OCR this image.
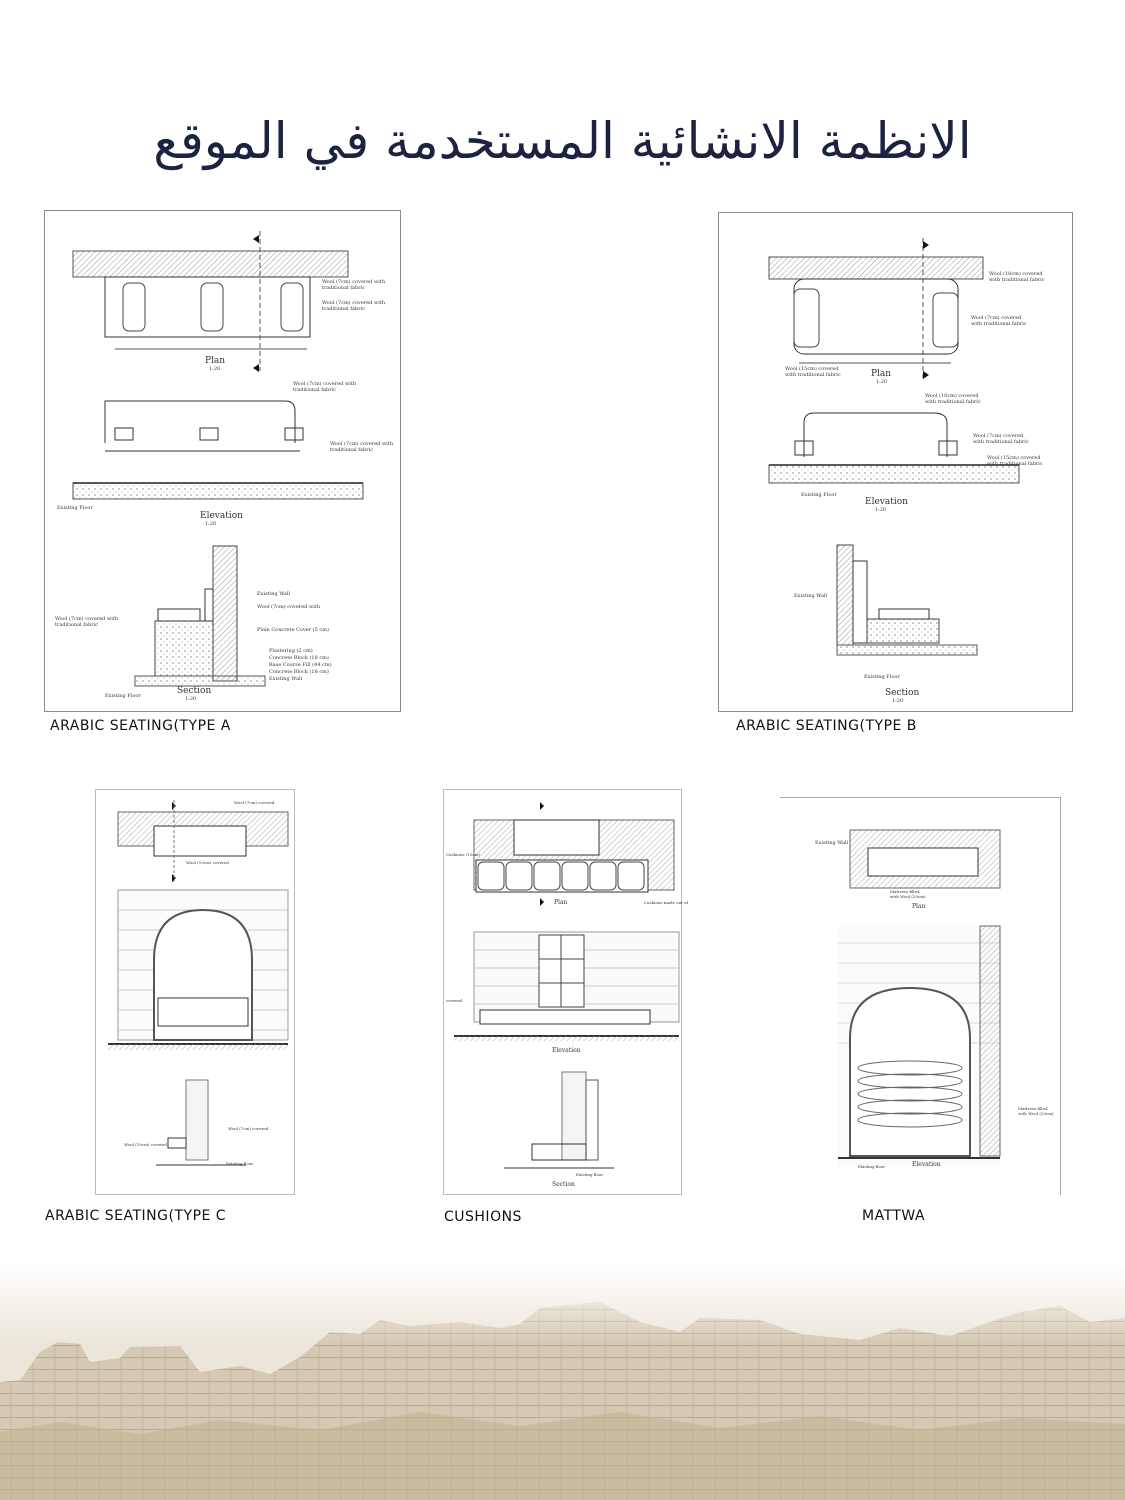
الانظمة الانشائية المستخدمة في الموقع
Plan
1:20
Wool (7cm) covered with
traditional fabric
Wool (7cm) covered with
traditional fabric
Wool (7cm) covered with
traditional fabric
Wool (7cm) covered with
traditional fabric
Elevation
1:20
Existing Floor
Existing Wall
Wool (7cm) covered with
Plain Concrete Cover (5 cm)
Plastering (2 cm)
Concrete Block (18 cm)
Base Course Fill (44 cm)
Concrete Block (18 cm)
Existing Wall
Wool (7cm) covered with
traditional fabric
Existing Floor	Section
1:20
ARABIC SEATING(TYPE A
Plan
1:20
Wool (18cm) covered
with traditional fabric
Wool (7cm) covered
with traditional fabric
Wool (15cm) covered
with traditional fabric
Wool (10cm) covered
with traditional fabric
Wool (7cm) covered
with traditional fabric
Wool (15cm) covered
with traditional fabric
Existing Floor
Elevation
1:20
Existing Wall
Existing Floor
Section
1:20
ARABIC SEATING(TYPE B
Wool (7cm) covered
Wool (10cm) covered
Wool (7cm) covered
Wool (10cm) covered
Existing floor
ARABIC SEATING(TYPE C
Cushions (15cm)
Cushions made out of
Plan
covered
Elevation
Existing floor
Section
CUSHIONS
Existing Wall
Mattress filled
with Wool (20cm)
Plan
Mattress filled
with Wool (20cm)
Existing floor	Elevation
MATTWA
